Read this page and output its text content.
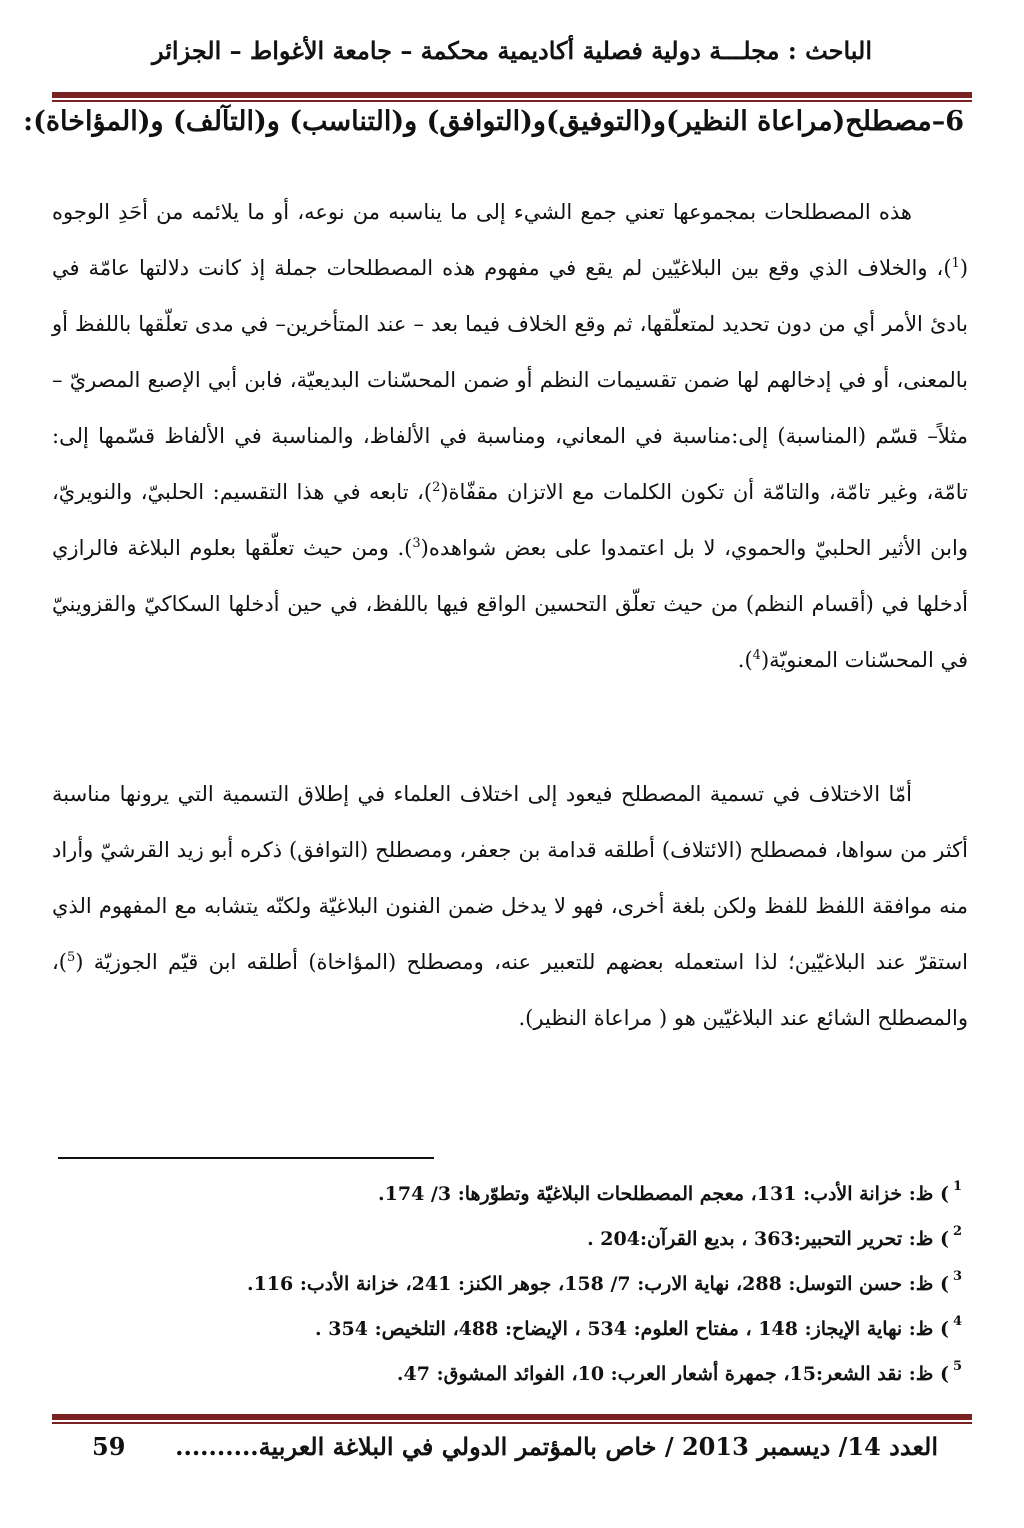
الباحث : مجلـــة دولية فصلية أكاديمية محكمة – جامعة الأغواط – الجزائر
6–مصطلح(مراعاة النظير)و(التوفيق)و(التوافق) و(التناسب) و(التآلف) و(المؤاخاة):

هذه المصطلحات بمجموعها تعني جمع الشيء إلى ما يناسبه من نوعه، أو ما يلائمه من أحَدِ الوجوه ($^1$)، والخلاف الذي وقع بين البلاغيّين لم يقع في مفهوم هذه المصطلحات جملة إذ كانت دلالتها عامّة في بادئ الأمر أي من دون تحديد لمتعلّقها، ثم وقع الخلاف فيما بعد – عند المتأخرين– في مدى تعلّقها باللفظ أو بالمعنى، أو في إدخالهم لها ضمن تقسيمات النظم أو ضمن المحسّنات البديعيّة، فابن أبي الإصبع المصريّ – مثلاً– قسّم (المناسبة) إلى:مناسبة في المعاني، ومناسبة في الألفاظ، والمناسبة في الألفاظ قسّمها إلى: تامّة، وغير تامّة، والتامّة أن تكون الكلمات مع الاتزان مقفّاة($^2$)، تابعه في هذا التقسيم: الحلبيّ، والنويريّ، وابن الأثير الحلبيّ والحموي، لا بل اعتمدوا على بعض شواهده($^3$). ومن حيث تعلّقها بعلوم البلاغة فالرازي أدخلها في (أقسام النظم) من حيث تعلّق التحسين الواقع فيها باللفظ، في حين أدخلها السكاكيّ والقزوينيّ في المحسّنات المعنويّة($^4$).

أمّا الاختلاف في تسمية المصطلح فيعود إلى اختلاف العلماء في إطلاق التسمية التي يرونها مناسبة أكثر من سواها، فمصطلح (الائتلاف) أطلقه قدامة بن جعفر، ومصطلح (التوافق) ذكره أبو زيد القرشيّ وأراد منه موافقة اللفظ للفظ ولكن بلغة أخرى، فهو لا يدخل ضمن الفنون البلاغيّة ولكنّه يتشابه مع المفهوم الذي استقرّ عند البلاغيّين؛ لذا استعمله بعضهم للتعبير عنه، ومصطلح (المؤاخاة) أطلقه ابن قيّم الجوزيّة ($^5$)، والمصطلح الشائع عند البلاغيّين هو ( مراعاة النظير).

$^1$) ظ: خزانة الأدب: 131، معجم المصطلحات البلاغيّة وتطوّرها: 3/ 174.
$^2$) ظ: تحرير التحبير:363 ، بديع القرآن:204 .
$^3$) ظ: حسن التوسل: 288، نهاية الارب: 7/ 158، جوهر الكنز: 241، خزانة الأدب: 116.
$^4$) ظ: نهاية الإيجاز: 148 ، مفتاح العلوم: 534 ، الإيضاح: 488، التلخيص: 354 .
$^5$) ظ: نقد الشعر:15، جمهرة أشعار العرب: 10، الفوائد المشوق: 47.
العدد 14/ ديسمبر 2013 / خاص بالمؤتمر الدولي في البلاغة العربية..........
59
